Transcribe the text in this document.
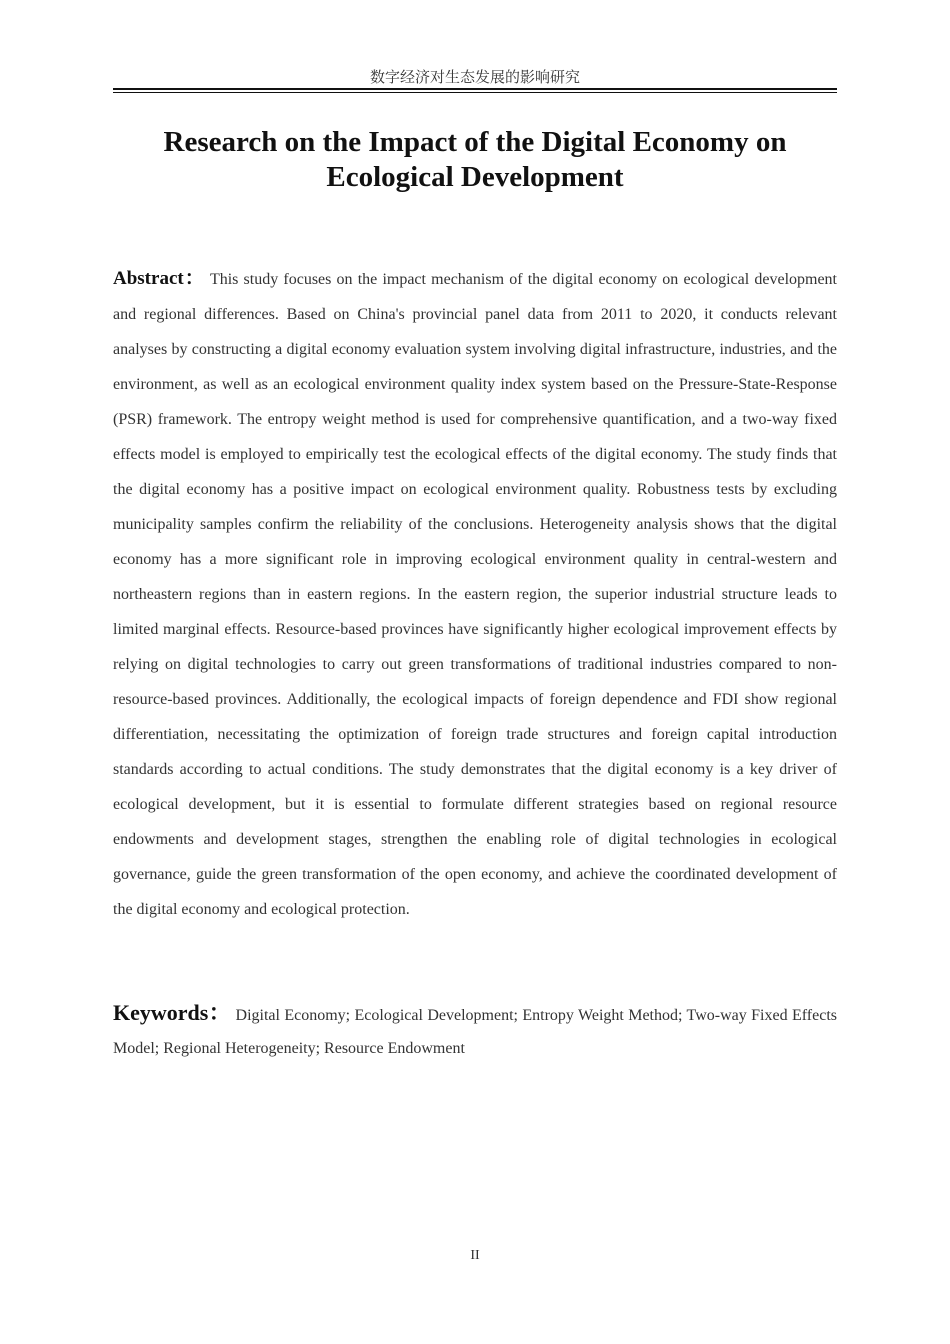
数字经济对生态发展的影响研究
Research on the Impact of the Digital Economy on
Ecological Development

Abstract： This study focuses on the impact mechanism of the digital economy on ecological development and regional differences. Based on China's provincial panel data from 2011 to 2020, it conducts relevant analyses by constructing a digital economy evaluation system involving digital infrastructure, industries, and the environment, as well as an ecological environment quality index system based on the Pressure-State-Response (PSR) framework. The entropy weight method is used for comprehensive quantification, and a two-way fixed effects model is employed to empirically test the ecological effects of the digital economy. The study finds that the digital economy has a positive impact on ecological environment quality. Robustness tests by excluding municipality samples confirm the reliability of the conclusions. Heterogeneity analysis shows that the digital economy has a more significant role in improving ecological environment quality in central-western and northeastern regions than in eastern regions. In the eastern region, the superior industrial structure leads to limited marginal effects. Resource-based provinces have significantly higher ecological improvement effects by relying on digital technologies to carry out green transformations of traditional industries compared to non-resource-based provinces. Additionally, the ecological impacts of foreign dependence and FDI show regional differentiation, necessitating the optimization of foreign trade structures and foreign capital introduction standards according to actual conditions. The study demonstrates that the digital economy is a key driver of ecological development, but it is essential to formulate different strategies based on regional resource endowments and development stages, strengthen the enabling role of digital technologies in ecological governance, guide the green transformation of the open economy, and achieve the coordinated development of the digital economy and ecological protection.

Keywords： Digital Economy; Ecological Development; Entropy Weight Method; Two-way Fixed Effects Model; Regional Heterogeneity; Resource Endowment

II
